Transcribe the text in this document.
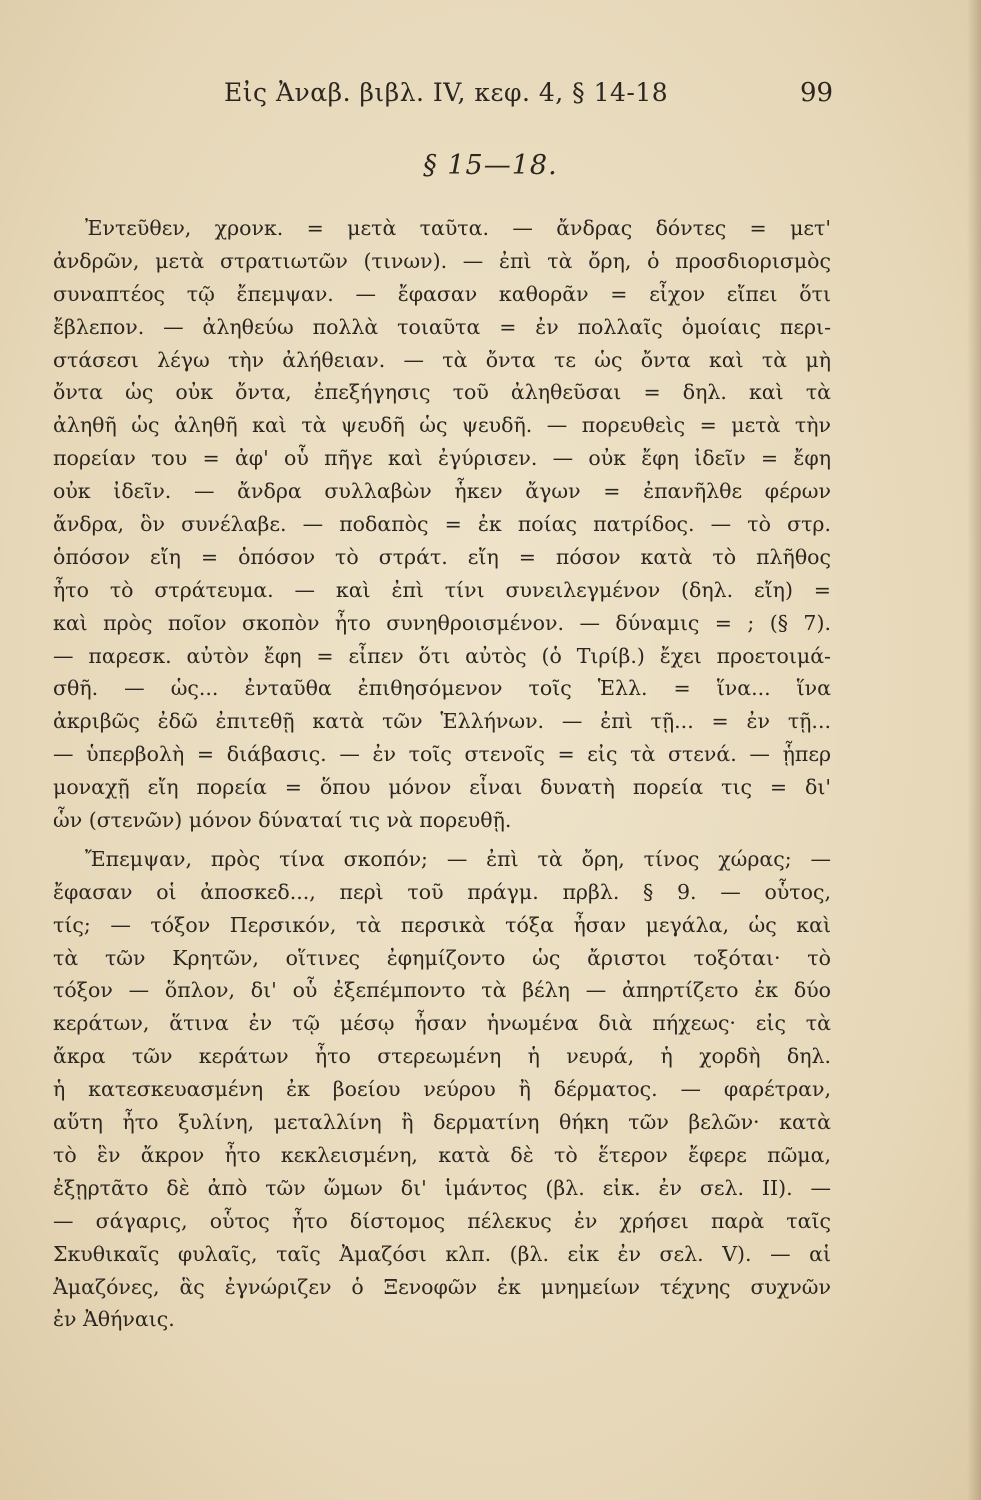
Εἰς Ἀναβ. βιβλ. IV, κεφ. 4, § 14-18	99
§ 15—18.
Ἐντεῦθεν, χρονκ. = μετὰ ταῦτα. — ἄνδρας δόντες = μετ'
ἀνδρῶν, μετὰ στρατιωτῶν (τινων). — ἐπὶ τὰ ὄρη, ὁ προσδιορισμὸς
συναπτέος τῷ ἔπεμψαν. — ἔφασαν καθορᾶν = εἶχον εἴπει ὅτι
ἔβλεπον. — ἀληθεύω πολλὰ τοιαῦτα = ἐν πολλαῖς ὁμοίαις περι-
στάσεσι λέγω τὴν ἀλήθειαν. — τὰ ὄντα τε ὡς ὄντα καὶ τὰ μὴ
ὄντα ὡς οὐκ ὄντα, ἐπεξήγησις τοῦ ἀληθεῦσαι = δηλ. καὶ τὰ
ἀληθῆ ὡς ἀληθῆ καὶ τὰ ψευδῆ ὡς ψευδῆ. — πορευθεὶς = μετὰ τὴν
πορείαν του = ἀφ' οὗ πῆγε καὶ ἐγύρισεν. — οὐκ ἔφη ἰδεῖν = ἔφη
οὐκ ἰδεῖν. — ἄνδρα συλλαβὼν ἧκεν ἄγων = ἐπανῆλθε φέρων
ἄνδρα, ὃν συνέλαβε. — ποδαπὸς = ἐκ ποίας πατρίδος. — τὸ στρ.
ὁπόσον εἴη = ὁπόσον τὸ στράτ. εἴη = πόσον κατὰ τὸ πλῆθος
ἦτο τὸ στράτευμα. — καὶ ἐπὶ τίνι συνειλεγμένον (δηλ. εἴη) =
καὶ πρὸς ποῖον σκοπὸν ἦτο συνηθροισμένον. — δύναμις = ; (§ 7).
— παρεσκ. αὐτὸν ἔφη = εἶπεν ὅτι αὐτὸς (ὁ Τιρίβ.) ἔχει προετοιμά-
σθῆ. — ὡς... ἐνταῦθα ἐπιθησόμενον τοῖς Ἑλλ. = ἵνα... ἵνα
ἀκριβῶς ἐδῶ ἐπιτεθῇ κατὰ τῶν Ἑλλήνων. — ἐπὶ τῇ... = ἐν τῇ...
— ὑπερβολὴ = διάβασις. — ἐν τοῖς στενοῖς = εἰς τὰ στενά. — ᾗπερ
μοναχῇ εἴη πορεία = ὅπου μόνον εἶναι δυνατὴ πορεία τις = δι'
ὧν (στενῶν) μόνον δύναταί τις νὰ πορευθῇ.
Ἔπεμψαν, πρὸς τίνα σκοπόν; — ἐπὶ τὰ ὄρη, τίνος χώρας; —
ἔφασαν οἱ ἀποσκεδ..., περὶ τοῦ πράγμ. πρβλ. § 9. — οὗτος,
τίς; — τόξον Περσικόν, τὰ περσικὰ τόξα ἦσαν μεγάλα, ὡς καὶ
τὰ τῶν Κρητῶν, οἵτινες ἐφημίζοντο ὡς ἄριστοι τοξόται· τὸ
τόξον — ὅπλον, δι' οὗ ἐξεπέμποντο τὰ βέλη — ἀπηρτίζετο ἐκ δύο
κεράτων, ἅτινα ἐν τῷ μέσῳ ἦσαν ἡνωμένα διὰ πήχεως· εἰς τὰ
ἄκρα τῶν κεράτων ἦτο στερεωμένη ἡ νευρά, ἡ χορδὴ δηλ.
ἡ κατεσκευασμένη ἐκ βοείου νεύρου ἢ δέρματος. — φαρέτραν,
αὕτη ἦτο ξυλίνη, μεταλλίνη ἢ δερματίνη θήκη τῶν βελῶν· κατὰ
τὸ ἓν ἄκρον ἦτο κεκλεισμένη, κατὰ δὲ τὸ ἕτερον ἔφερε πῶμα,
ἐξῃρτᾶτο δὲ ἀπὸ τῶν ὤμων δι' ἱμάντος (βλ. εἰκ. ἐν σελ. II). —
— σάγαρις, οὗτος ἦτο δίστομος πέλεκυς ἐν χρήσει παρὰ ταῖς
Σκυθικαῖς φυλαῖς, ταῖς Ἀμαζόσι κλπ. (βλ. εἰκ ἐν σελ. V). — αἱ
Ἀμαζόνες, ἃς ἐγνώριζεν ὁ Ξενοφῶν ἐκ μνημείων τέχνης συχνῶν
ἐν Ἀθήναις.
